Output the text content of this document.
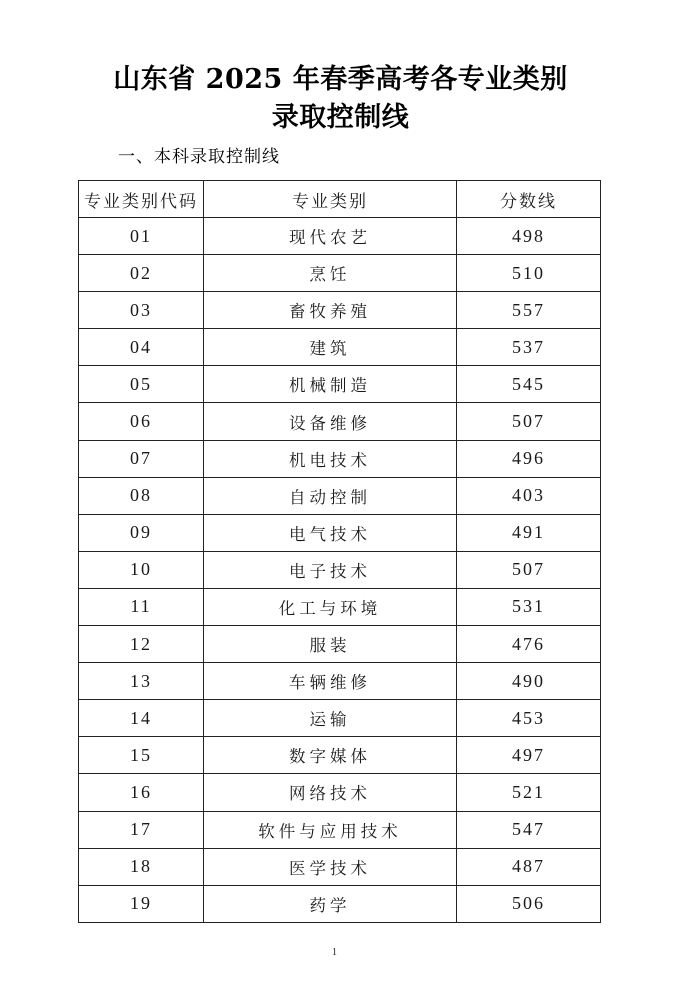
山东省 2025 年春季高考各专业类别
录取控制线
一、本科录取控制线
专业类别代码	专业类别	分数线
01	现代农艺	498
02	烹饪	510
03	畜牧养殖	557
04	建筑	537
05	机械制造	545
06	设备维修	507
07	机电技术	496
08	自动控制	403
09	电气技术	491
10	电子技术	507
11	化工与环境	531
12	服装	476
13	车辆维修	490
14	运输	453
15	数字媒体	497
16	网络技术	521
17	软件与应用技术	547
18	医学技术	487
19	药学	506
1
